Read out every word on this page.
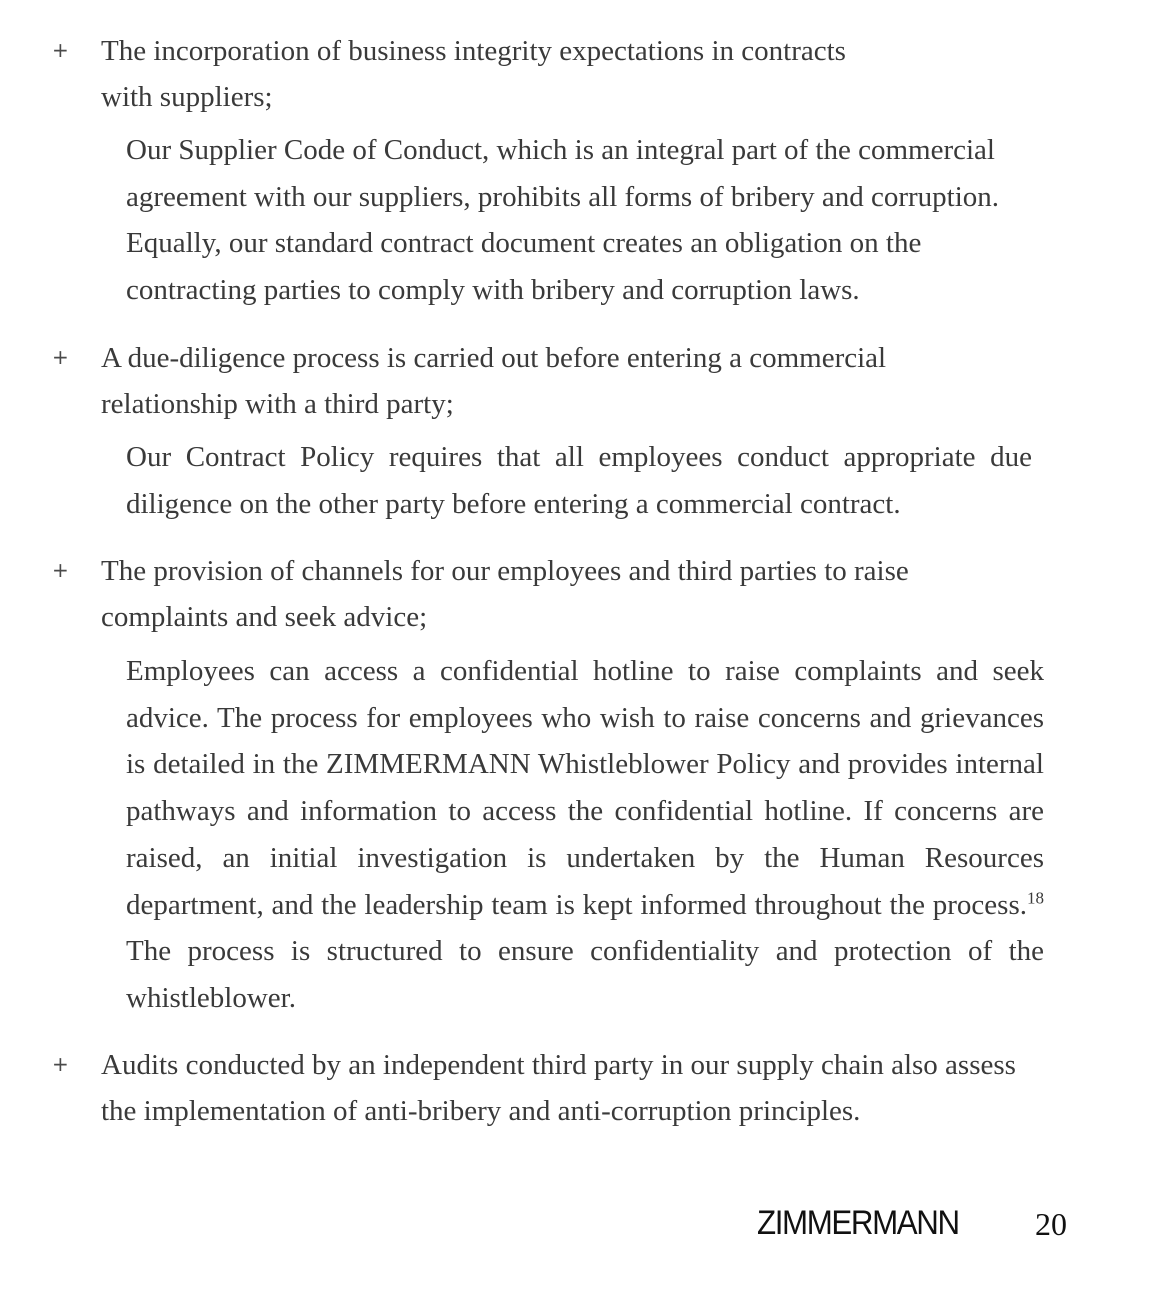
+ The incorporation of business integrity expectations in contracts with suppliers;

Our Supplier Code of Conduct, which is an integral part of the commercial agreement with our suppliers, prohibits all forms of bribery and corruption. Equally, our standard contract document creates an obligation on the contracting parties to comply with bribery and corruption laws.

+ A due-diligence process is carried out before entering a commercial relationship with a third party;

Our Contract Policy requires that all employees conduct appropriate due diligence on the other party before entering a commercial contract.

+ The provision of channels for our employees and third parties to raise complaints and seek advice;

Employees can access a confidential hotline to raise complaints and seek advice. The process for employees who wish to raise concerns and grievances is detailed in the ZIMMERMANN Whistleblower Policy and provides internal pathways and information to access the confidential hotline. If concerns are raised, an initial investigation is undertaken by the Human Resources department, and the leadership team is kept informed throughout the process.$^{18}$ The process is structured to ensure confidentiality and protection of the whistleblower.

+ Audits conducted by an independent third party in our supply chain also assess the implementation of anti-bribery and anti-corruption principles.

ZIMMERMANN 20
